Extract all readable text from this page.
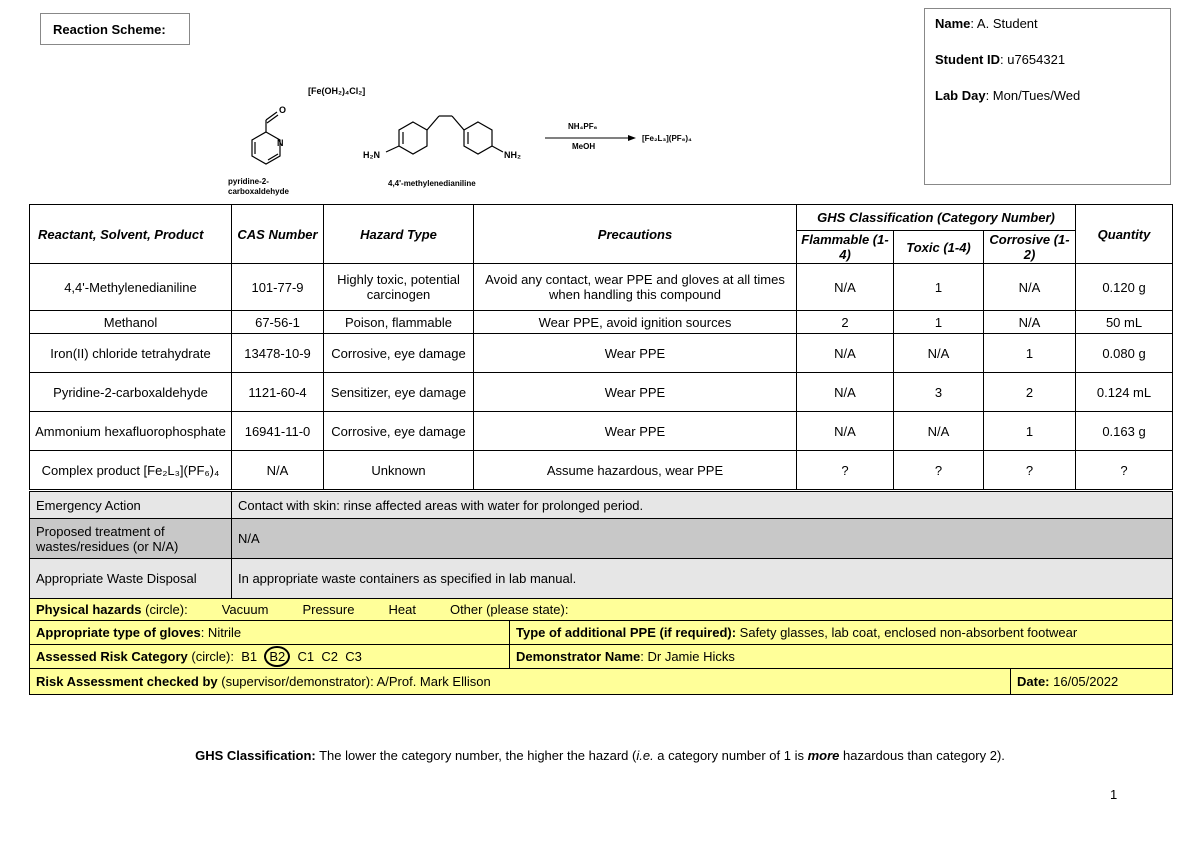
Reaction Scheme:	Name: A. Student

Student ID: u7654321

Lab Day: Mon/Tues/Wed

[Fe(OH₂)₄Cl₂]
O
N
pyridine-2-
carboxaldehyde
H₂N	NH₂
4,4'-methylenedianiline
NH₄PF₆
MeOH
[Fe₂L₃](PF₆)₄
Reactant, Solvent, Product	CAS Number	Hazard Type	Precautions	GHS Classification (Category Number)			Quantity
				Flammable (1-4)	Toxic (1-4)	Corrosive (1-2)	
4,4'-Methylenedianiline	101-77-9	Highly toxic, potential carcinogen	Avoid any contact, wear PPE and gloves at all times when handling this compound	N/A	1	N/A	0.120 g
Methanol	67-56-1	Poison, flammable	Wear PPE, avoid ignition sources	2	1	N/A	50 mL
Iron(II) chloride tetrahydrate	13478-10-9	Corrosive, eye damage	Wear PPE	N/A	N/A	1	0.080 g
Pyridine-2-carboxaldehyde	1121-60-4	Sensitizer, eye damage	Wear PPE	N/A	3	2	0.124 mL
Ammonium hexafluorophosphate	16941-11-0	Corrosive, eye damage	Wear PPE	N/A	N/A	1	0.163 g
Complex product [Fe₂L₃](PF₆)₄	N/A	Unknown	Assume hazardous, wear PPE	?	?	?	?
Emergency Action	Contact with skin: rinse affected areas with water for prolonged period.		
Proposed treatment of wastes/residues (or N/A)	N/A		
Appropriate Waste Disposal	In appropriate waste containers as specified in lab manual.		
Physical hazards (circle): Vacuum Pressure Heat Other (please state):			
Appropriate type of gloves: Nitrile		Type of additional PPE (if required): Safety glasses, lab coat, enclosed non-absorbent footwear	
Assessed Risk Category (circle): B1 B2 C1 C2 C3		Demonstrator Name: Dr Jamie Hicks	
Risk Assessment checked by (supervisor/demonstrator): A/Prof. Mark Ellison			Date: 16/05/2022
GHS Classification: The lower the category number, the higher the hazard (i.e. a category number of 1 is more hazardous than category 2).
1
